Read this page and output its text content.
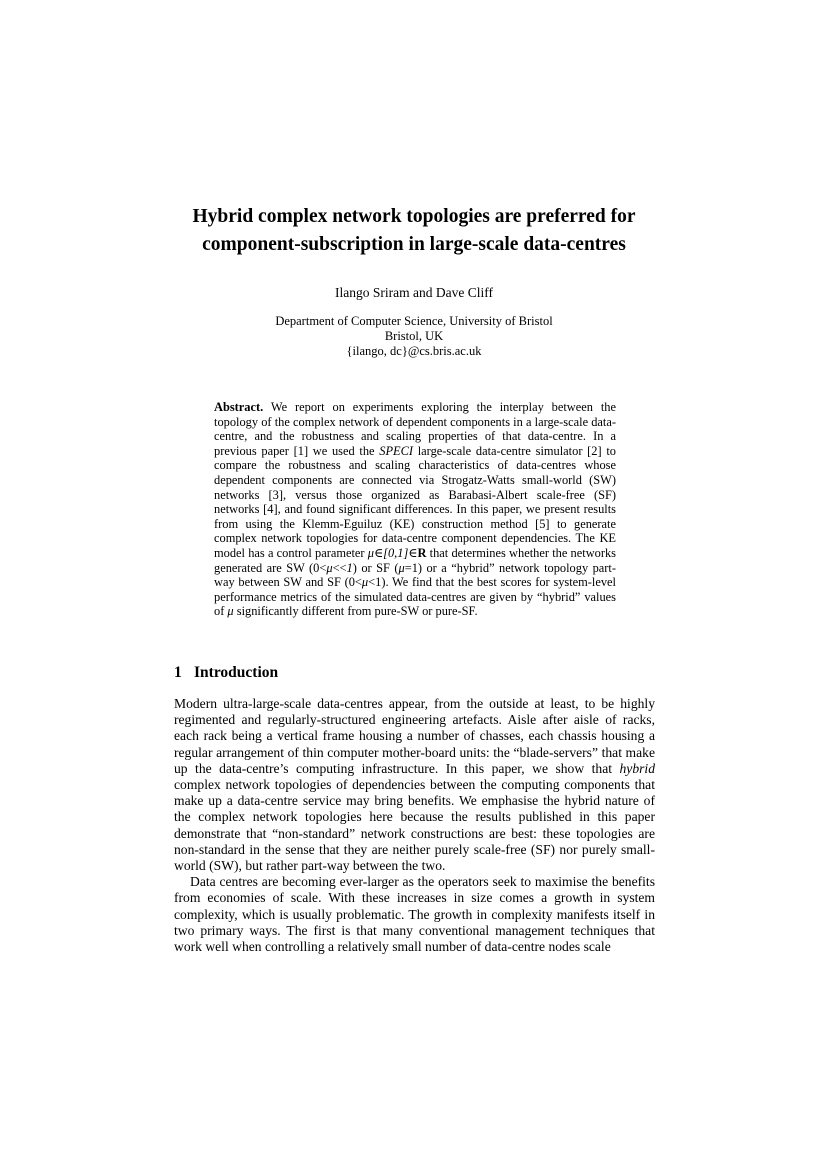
Hybrid complex network topologies are preferred for
component-subscription in large-scale data-centres
Ilango Sriram and Dave Cliff
Department of Computer Science, University of Bristol
Bristol, UK
{ilango, dc}@cs.bris.ac.uk
Abstract. We report on experiments exploring the interplay between the topology of the complex network of dependent components in a large-scale data-centre, and the robustness and scaling properties of that data-centre. In a previous paper [1] we used the SPECI large-scale data-centre simulator [2] to compare the robustness and scaling characteristics of data-centres whose dependent components are connected via Strogatz-Watts small-world (SW) networks [3], versus those organized as Barabasi-Albert scale-free (SF) networks [4], and found significant differences. In this paper, we present results from using the Klemm-Eguiluz (KE) construction method [5] to generate complex network topologies for data-centre component dependencies. The KE model has a control parameter μ∈[0,1]∈R that determines whether the networks generated are SW (0<μ<<1) or SF (μ=1) or a “hybrid” network topology part-way between SW and SF (0<μ<1). We find that the best scores for system-level performance metrics of the simulated data-centres are given by “hybrid” values of μ significantly different from pure-SW or pure-SF.
1 Introduction

Modern ultra-large-scale data-centres appear, from the outside at least, to be highly regimented and regularly-structured engineering artefacts. Aisle after aisle of racks, each rack being a vertical frame housing a number of chasses, each chassis housing a regular arrangement of thin computer mother-board units: the “blade-servers” that make up the data-centre’s computing infrastructure. In this paper, we show that hybrid complex network topologies of dependencies between the computing components that make up a data-centre service may bring benefits. We emphasise the hybrid nature of the complex network topologies here because the results published in this paper demonstrate that “non-standard” network constructions are best: these topologies are non-standard in the sense that they are neither purely scale-free (SF) nor purely small-world (SW), but rather part-way between the two.

Data centres are becoming ever-larger as the operators seek to maximise the benefits from economies of scale. With these increases in size comes a growth in system complexity, which is usually problematic. The growth in complexity manifests itself in two primary ways. The first is that many conventional management techniques that work well when controlling a relatively small number of data-centre nodes scale
